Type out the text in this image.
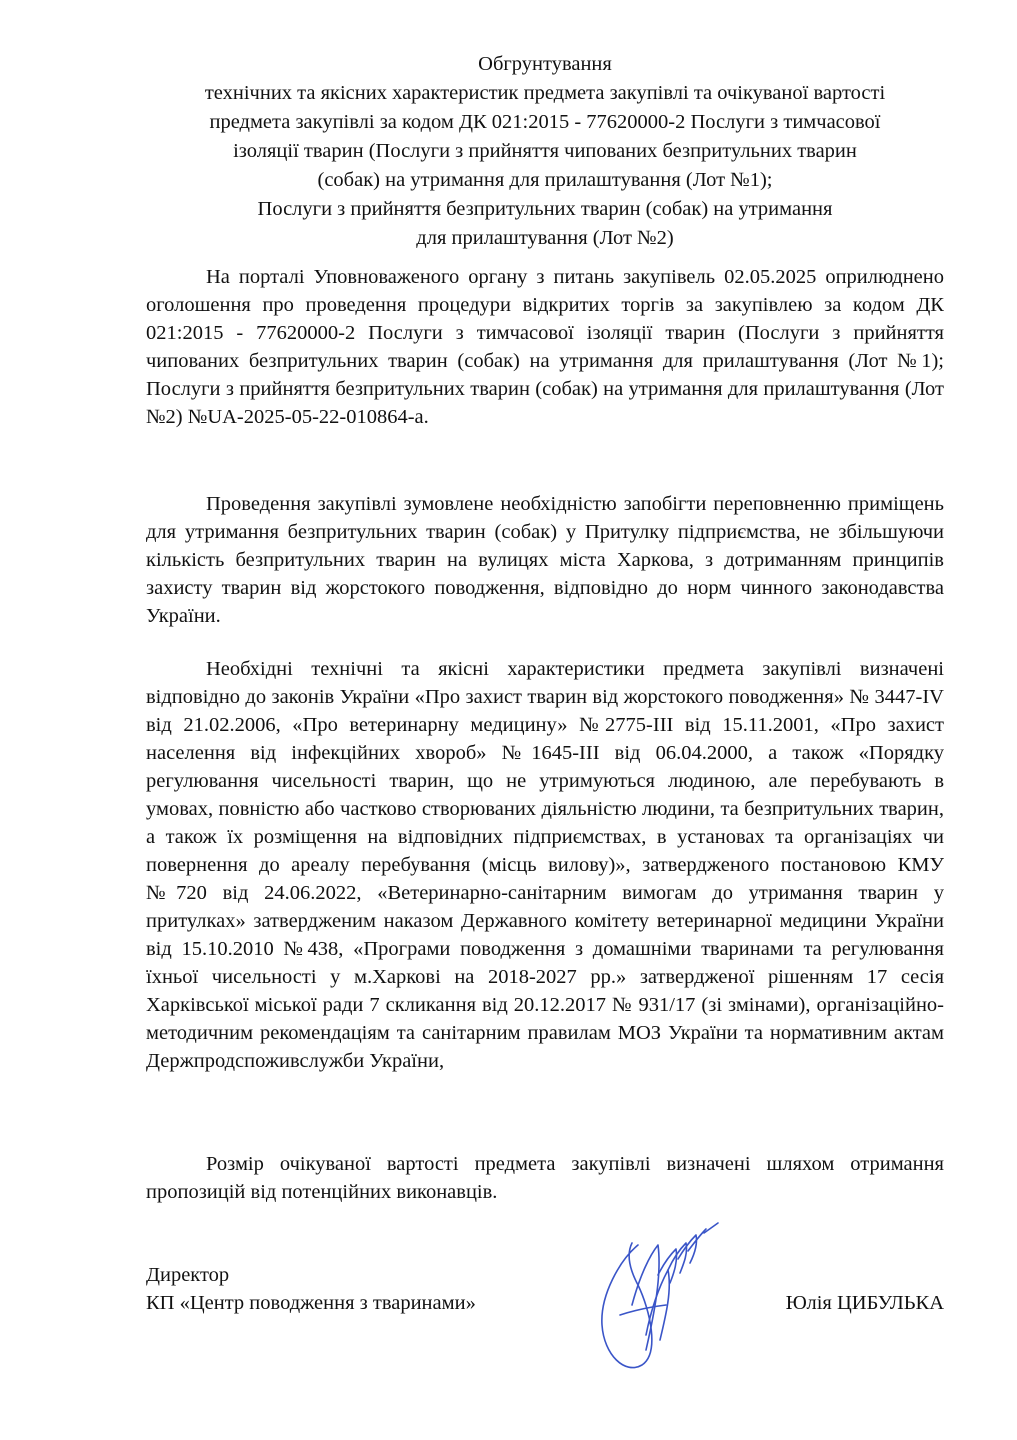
Обгрунтування
технічних та якісних характеристик предмета закупівлі та очікуваної вартості
предмета закупівлі за кодом ДК 021:2015 - 77620000-2 Послуги з тимчасової
ізоляції тварин (Послуги з прийняття чипованих безпритульних тварин
(собак) на утримання для прилаштування (Лот №1);
Послуги з прийняття безпритульних тварин (собак) на утримання
для прилаштування (Лот №2)

На порталі Уповноваженого органу з питань закупівель 02.05.2025 оприлюднено оголошення про проведення процедури відкритих торгів за закупівлею за кодом ДК 021:2015 - 77620000-2 Послуги з тимчасової ізоляції тварин (Послуги з прийняття чипованих безпритульних тварин (собак) на утримання для прилаштування (Лот №1); Послуги з прийняття безпритульних тварин (собак) на утримання для прилаштування (Лот №2) №UA-2025-05-22-010864-а.

Проведення закупівлі зумовлене необхідністю запобігти переповненню приміщень для утримання безпритульних тварин (собак) у Притулку підприємства, не збільшуючи кількість безпритульних тварин на вулицях міста Харкова, з дотриманням принципів захисту тварин від жорстокого поводження, відповідно до норм чинного законодавства України.

Необхідні технічні та якісні характеристики предмета закупівлі визначені відповідно до законів України «Про захист тварин від жорстокого поводження» № 3447-IV від 21.02.2006, «Про ветеринарну медицину» №2775-III від 15.11.2001, «Про захист населення від інфекційних хвороб» №1645-III від 06.04.2000, а також «Порядку регулювання чисельності тварин, що не утримуються людиною, але перебувають в умовах, повністю або частково створюваних діяльністю людини, та безпритульних тварин, а також їх розміщення на відповідних підприємствах, в установах та організаціях чи повернення до ареалу перебування (місць вилову)», затвердженого постановою КМУ №720 від 24.06.2022, «Ветеринарно-санітарним вимогам до утримання тварин у притулках» затвердженим наказом Державного комітету ветеринарної медицини України від 15.10.2010 №438, «Програми поводження з домашніми тваринами та регулювання їхньої чисельності у м.Харкові на 2018-2027 рр.» затвердженої рішенням 17 сесія Харківської міської ради 7 скликання від 20.12.2017 № 931/17 (зі змінами), організаційно-методичним рекомендаціям та санітарним правилам МОЗ України та нормативним актам Держпродспоживслужби України,

Розмір очікуваної вартості предмета закупівлі визначені шляхом отримання пропозицій від потенційних виконавців.

Директор
КП «Центр поводження з тваринами»	Юлія ЦИБУЛЬКА
